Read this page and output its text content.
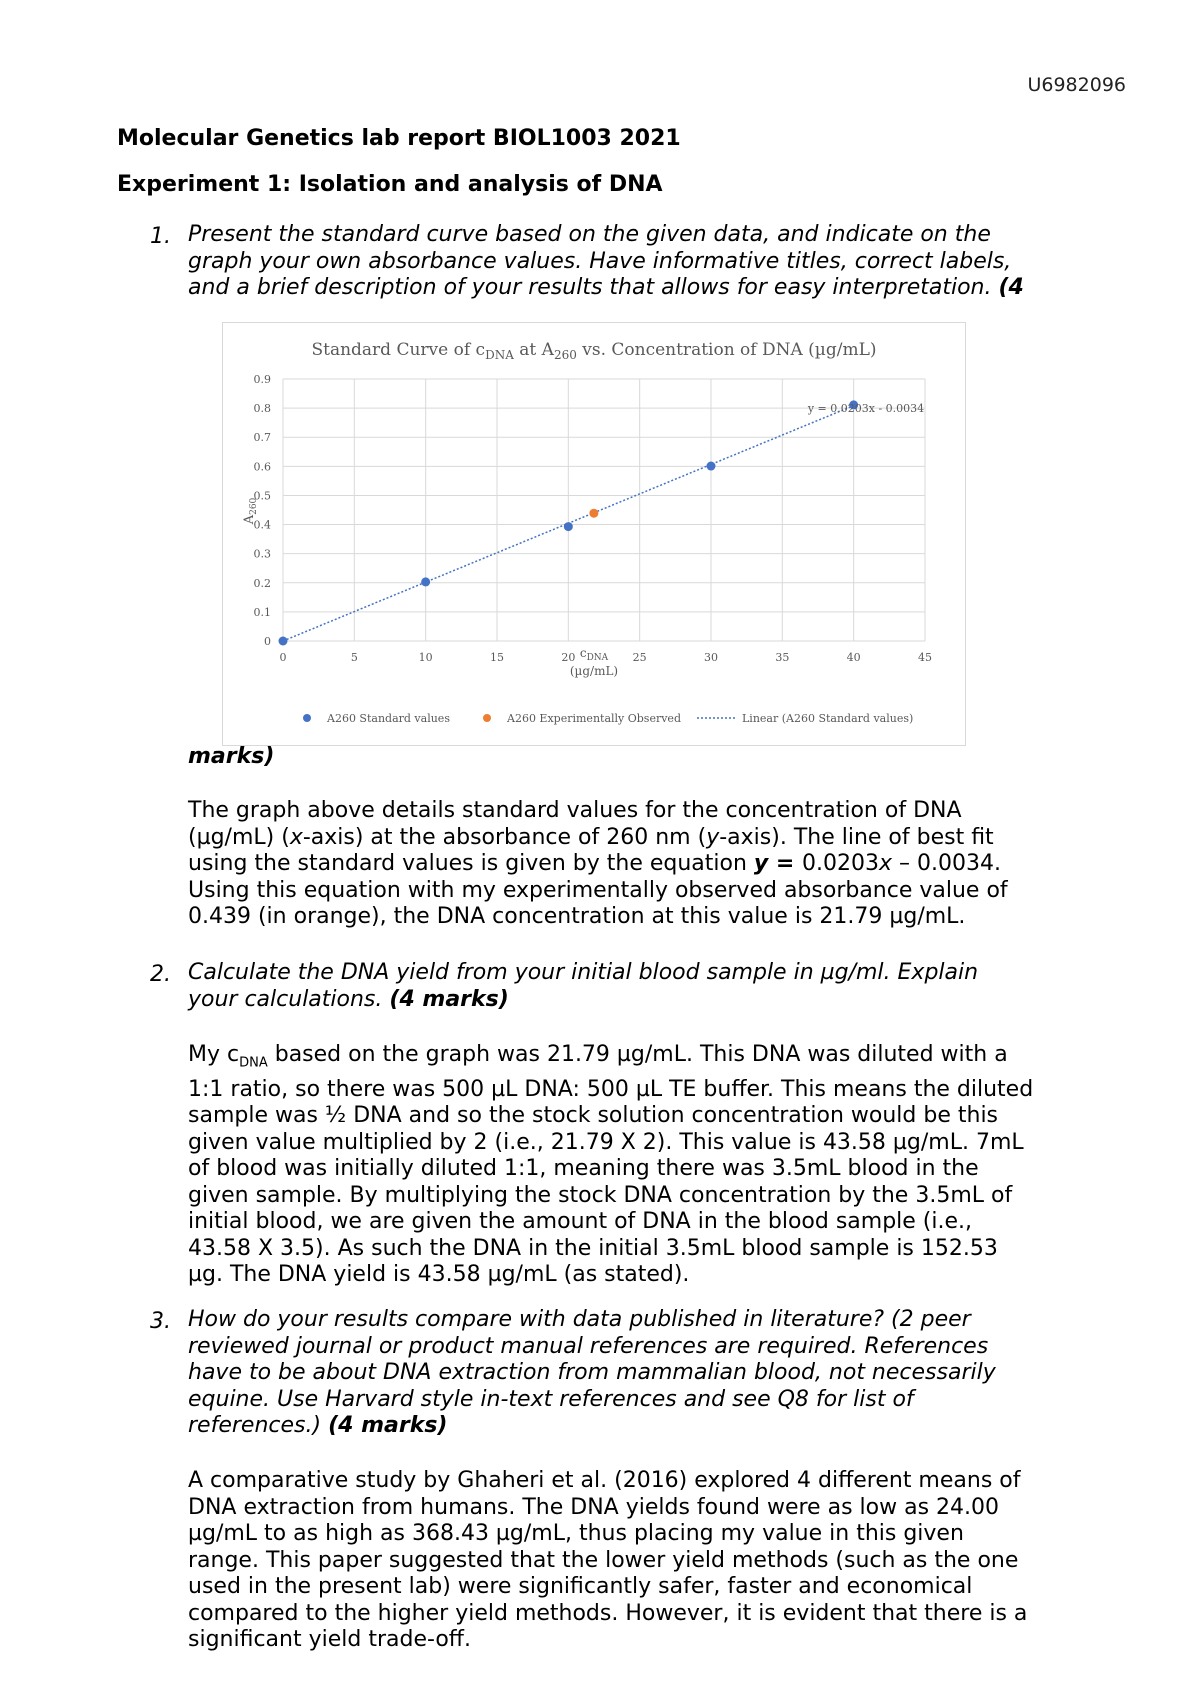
U6982096
Molecular Genetics lab report BIOL1003 2021
Experiment 1: Isolation and analysis of DNA
1. Present the standard curve based on the given data, and indicate on the
graph your own absorbance values. Have informative titles, correct labels,
and a brief description of your results that allows for easy interpretation. (4
Standard Curve of $c_{DNA}$ at $A_{260}$ vs. Concentration of DNA (µg/mL)
0
0.1
0.2
0.3
0.4
0.5
0.6
0.7
0.8
0.9
0	5	10	15	20	25	30	35	40	45
y = 0.0203x - 0.0034
$A_{260}$
$c_{DNA}$
(µg/mL)
A260 Standard values	A260 Experimentally Observed	Linear (A260 Standard values)
marks)
The graph above details standard values for the concentration of DNA
(µg/mL) (x-axis) at the absorbance of 260 nm (y-axis). The line of best fit
using the standard values is given by the equation y = 0.0203x – 0.0034.
Using this equation with my experimentally observed absorbance value of
0.439 (in orange), the DNA concentration at this value is 21.79 µg/mL.
2. Calculate the DNA yield from your initial blood sample in µg/ml. Explain
your calculations. (4 marks)
My $c_{DNA}$ based on the graph was 21.79 µg/mL. This DNA was diluted with a
1:1 ratio, so there was 500 µL DNA: 500 µL TE buffer. This means the diluted
sample was ½ DNA and so the stock solution concentration would be this
given value multiplied by 2 (i.e., 21.79 X 2). This value is 43.58 µg/mL. 7mL
of blood was initially diluted 1:1, meaning there was 3.5mL blood in the
given sample. By multiplying the stock DNA concentration by the 3.5mL of
initial blood, we are given the amount of DNA in the blood sample (i.e.,
43.58 X 3.5). As such the DNA in the initial 3.5mL blood sample is 152.53
µg. The DNA yield is 43.58 µg/mL (as stated).
3. How do your results compare with data published in literature? (2 peer
reviewed journal or product manual references are required. References
have to be about DNA extraction from mammalian blood, not necessarily
equine. Use Harvard style in-text references and see Q8 for list of
references.) (4 marks)
A comparative study by Ghaheri et al. (2016) explored 4 different means of
DNA extraction from humans. The DNA yields found were as low as 24.00
µg/mL to as high as 368.43 µg/mL, thus placing my value in this given
range. This paper suggested that the lower yield methods (such as the one
used in the present lab) were significantly safer, faster and economical
compared to the higher yield methods. However, it is evident that there is a
significant yield trade-off.
